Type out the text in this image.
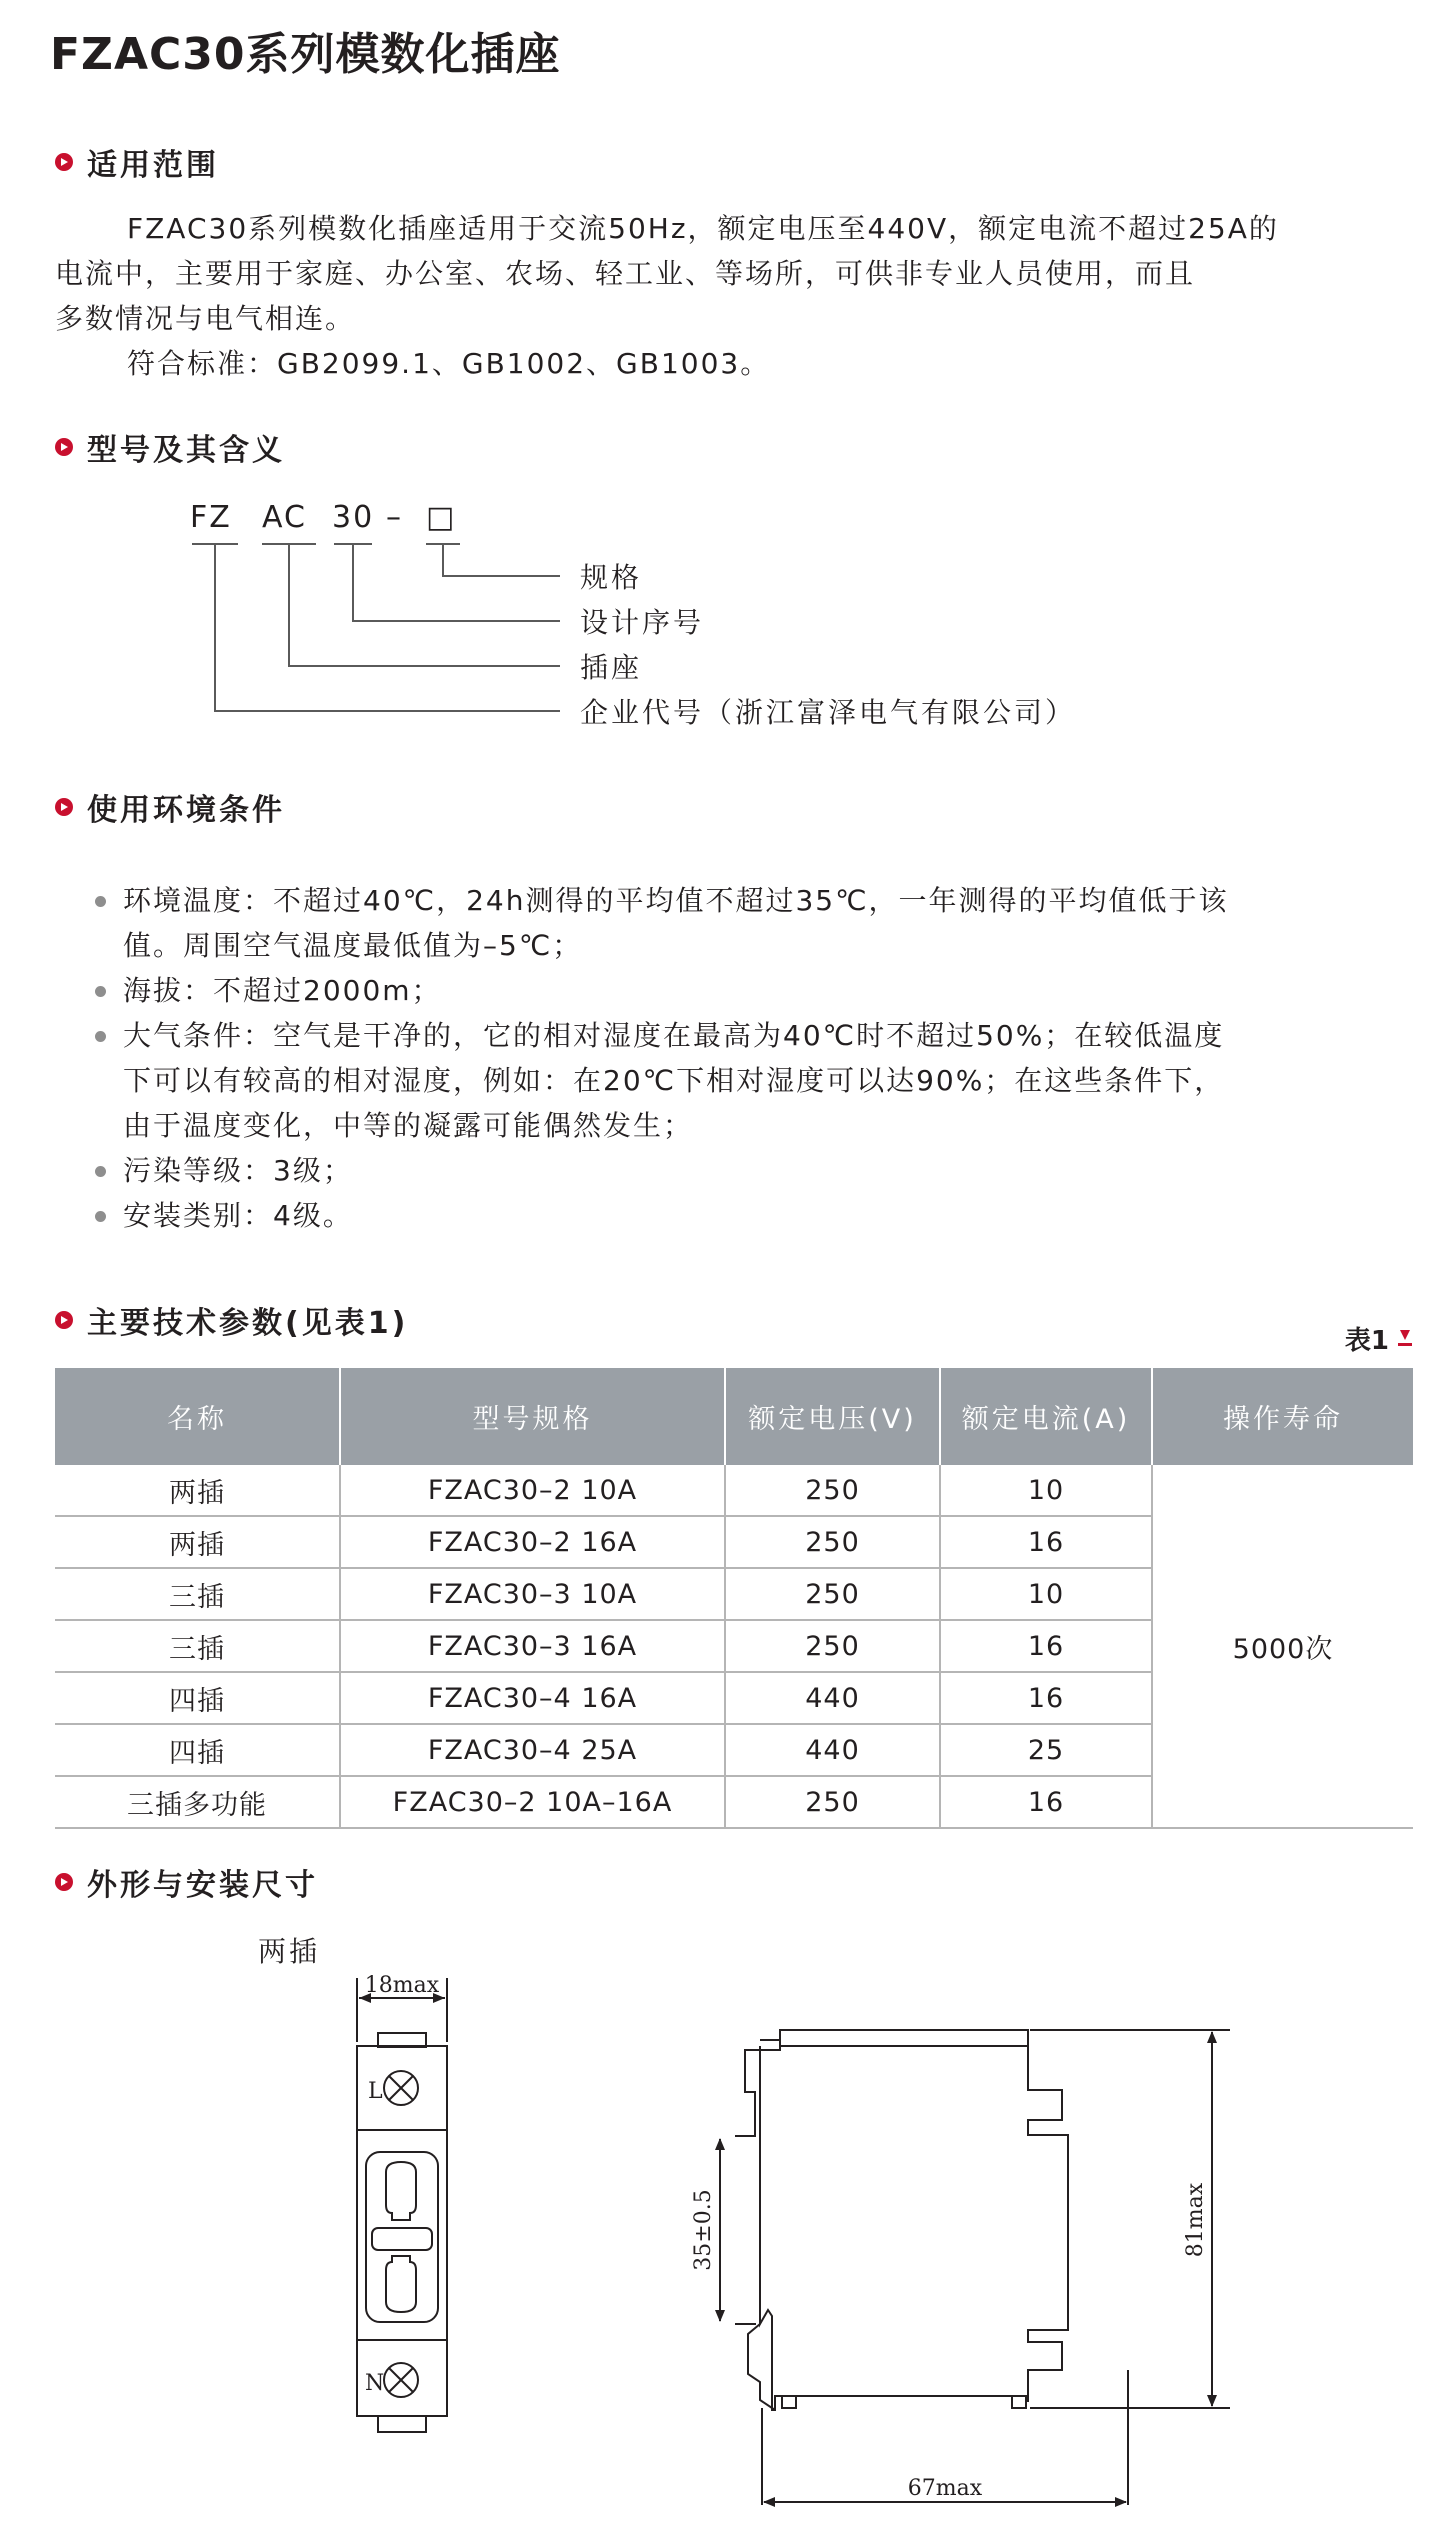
FZAC30系列模数化插座
适用范围

FZAC30系列模数化插座适用于交流50Hz，额定电压至440V，额定电流不超过25A的

电流中，主要用于家庭、办公室、农场、轻工业、等场所，可供非专业人员使用，而且

多数情况与电气相连。

符合标准：GB2099.1、GB1002、GB1003。

型号及其含义
FZ AC 30 – □
规格
设计序号
插座
企业代号（浙江富泽电气有限公司）
使用环境条件
环境温度：不超过40℃，24h测得的平均值不超过35℃，一年测得的平均值低于该
值。周围空气温度最低值为–5℃；
海拔：不超过2000m；
大气条件：空气是干净的，它的相对湿度在最高为40℃时不超过50%；在较低温度
下可以有较高的相对湿度，例如：在20℃下相对湿度可以达90%；在这些条件下，
由于温度变化，中等的凝露可能偶然发生；
污染等级：3级；
安装类别：4级。
主要技术参数(见表1)	表1
名称	型号规格	额定电压(V)	额定电流(A)	操作寿命
两插	FZAC30–2 10A	250	10	5000次
两插	FZAC30–2 16A	250	16	
三插	FZAC30–3 10A	250	10	
三插	FZAC30–3 16A	250	16	
四插	FZAC30–4 16A	440	16	
四插	FZAC30–4 25A	440	25	
三插多功能	FZAC30–2 10A–16A	250	16	
外形与安装尺寸
两插
18max
L
N
35±0.5	81max
67max
